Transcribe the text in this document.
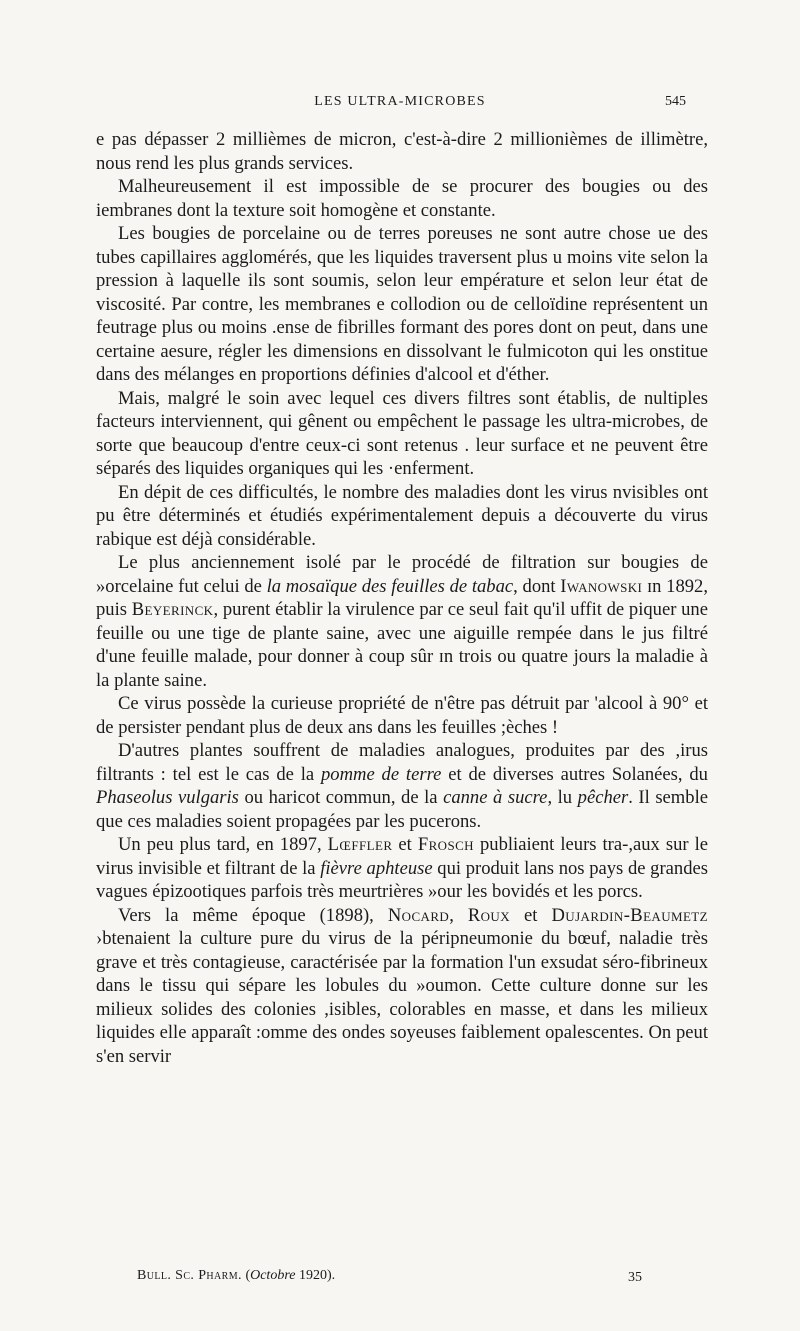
LES ULTRA-MICROBES	545

e pas dépasser 2 millièmes de micron, c'est-à-dire 2 millionièmes de illimètre, nous rend les plus grands services.

Malheureusement il est impossible de se procurer des bougies ou des iembranes dont la texture soit homogène et constante.

Les bougies de porcelaine ou de terres poreuses ne sont autre chose ue des tubes capillaires agglomérés, que les liquides traversent plus u moins vite selon la pression à laquelle ils sont soumis, selon leur empérature et selon leur état de viscosité. Par contre, les membranes e collodion ou de celloïdine représentent un feutrage plus ou moins .ense de fibrilles formant des pores dont on peut, dans une certaine aesure, régler les dimensions en dissolvant le fulmicoton qui les onstitue dans des mélanges en proportions définies d'alcool et d'éther.

Mais, malgré le soin avec lequel ces divers filtres sont établis, de nultiples facteurs interviennent, qui gênent ou empêchent le passage les ultra-microbes, de sorte que beaucoup d'entre ceux-ci sont retenus . leur surface et ne peuvent être séparés des liquides organiques qui les ·enferment.

En dépit de ces difficultés, le nombre des maladies dont les virus nvisibles ont pu être déterminés et étudiés expérimentalement depuis a découverte du virus rabique est déjà considérable.

Le plus anciennement isolé par le procédé de filtration sur bougies de »orcelaine fut celui de la mosaïque des feuilles de tabac, dont Iwanowski ɪn 1892, puis Beyerinck, purent établir la virulence par ce seul fait qu'il uffit de piquer une feuille ou une tige de plante saine, avec une aiguille rempée dans le jus filtré d'une feuille malade, pour donner à coup sûr ɪn trois ou quatre jours la maladie à la plante saine.

Ce virus possède la curieuse propriété de n'être pas détruit par 'alcool à 90° et de persister pendant plus de deux ans dans les feuilles ;èches !

D'autres plantes souffrent de maladies analogues, produites par des ,irus filtrants : tel est le cas de la pomme de terre et de diverses autres Solanées, du Phaseolus vulgaris ou haricot commun, de la canne à sucre, lu pêcher. Il semble que ces maladies soient propagées par les pucerons.

Un peu plus tard, en 1897, Lœffler et Frosch publiaient leurs tra-,aux sur le virus invisible et filtrant de la fièvre aphteuse qui produit lans nos pays de grandes vagues épizootiques parfois très meurtrières »our les bovidés et les porcs.

Vers la même époque (1898), Nocard, Roux et Dujardin-Beaumetz ›btenaient la culture pure du virus de la péripneumonie du bœuf, naladie très grave et très contagieuse, caractérisée par la formation l'un exsudat séro-fibrineux dans le tissu qui sépare les lobules du »oumon. Cette culture donne sur les milieux solides des colonies ,isibles, colorables en masse, et dans les milieux liquides elle apparaît :omme des ondes soyeuses faiblement opalescentes. On peut s'en servir

Bull. Sc. Pharm. (Octobre 1920).	35
